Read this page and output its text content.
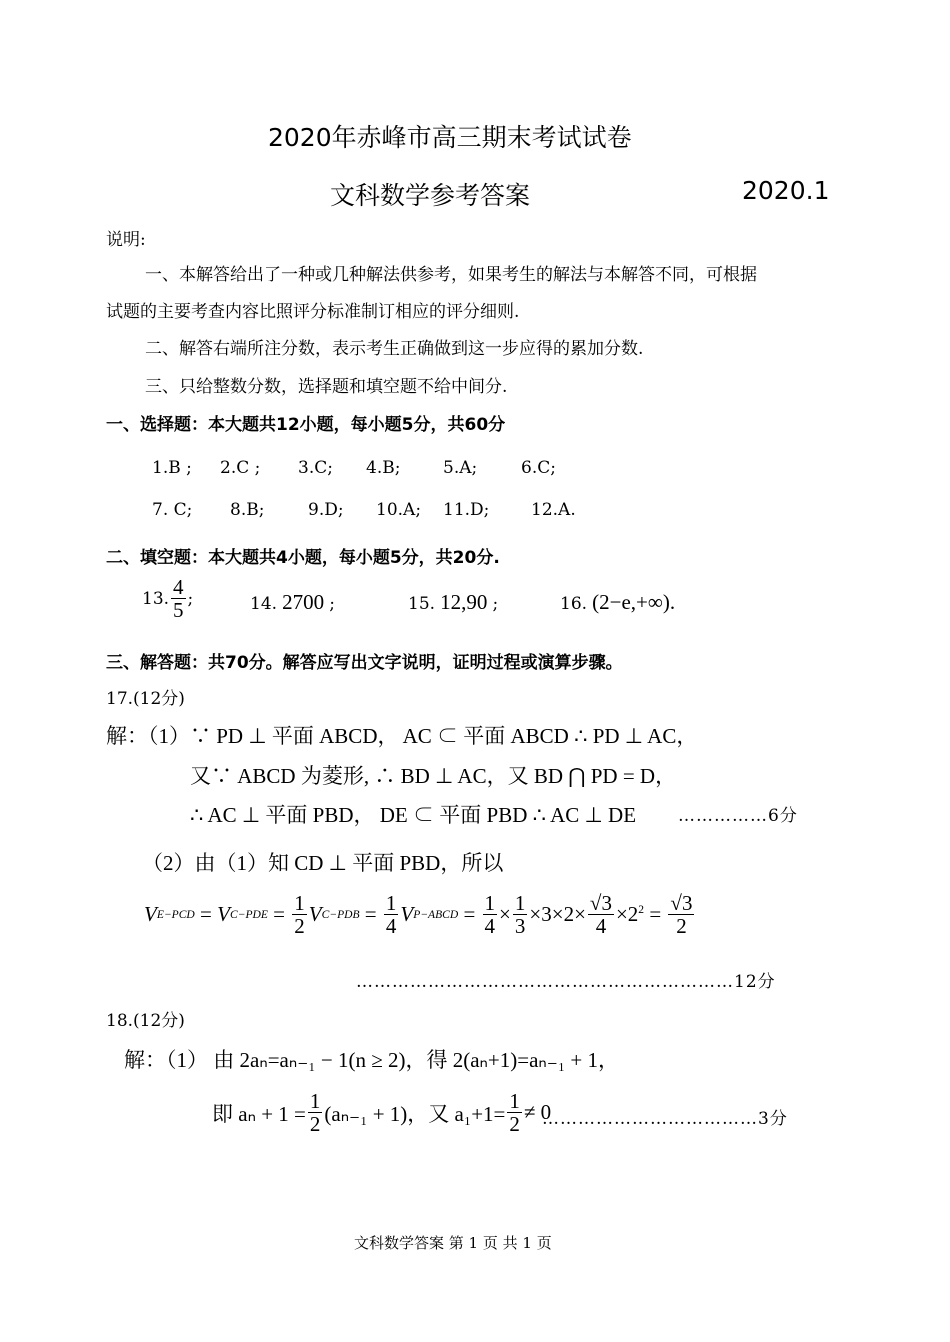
2020年赤峰市高三期末考试试卷
文科数学参考答案	2020.1
说明:
一、本解答给出了一种或几种解法供参考，如果考生的解法与本解答不同，可根据
试题的主要考查内容比照评分标准制订相应的评分细则.
二、解答右端所注分数，表示考生正确做到这一步应得的累加分数.
三、只给整数分数，选择题和填空题不给中间分.
一、选择题：本大题共12小题，每小题5分，共60分
1.B ; 2.C ; 3.C; 4.B;	5.A;	6.C;
7. C; 8.B;	9.D; 10.A; 11.D; 12.A.
二、填空题：本大题共4小题，每小题5分，共20分.
13. $\frac{4}{5}$ ;	14. 2700 ;	15. 12,90 ;	16. (2−e,+∞).
三、解答题：共70分。解答应写出文字说明，证明过程或演算步骤。
17.(12分)
解：（1）∵ PD ⊥ 平面 ABCD， AC ⊂ 平面 ABCD ∴ PD ⊥ AC，
又∵ ABCD 为菱形, ∴ BD ⊥ AC，又 BD ⋂ PD = D，
∴ AC ⊥ 平面 PBD， DE ⊂ 平面 PBD ∴ AC ⊥ DE ……………6分
（2）由（1）知 CD ⊥ 平面 PBD，所以
V E−PCD = V $C-PDE = \frac{1}{2}$ V $C-PDB = \frac{1}{4}$ V P−ABCD = $\frac{1}{4} \times \frac{1}{3} \times 3\times 2\times \frac{√3}{4} \times 2^2 = \frac{√3}{2}$
………………………………………………………12分
18.(12分)
解：（1） 由 2aₙ=aₙ₋₁ − 1(n ≥ 2)，得 2(aₙ+1)=aₙ₋₁ + 1，
即 $a_n + 1 = \frac{1}{2} (a_{n-1} + 1)$，又 $a_1+1= \frac{1}{2} \ne 0$
………………………………3分
文科数学答案 第 1 页 共 1 页
